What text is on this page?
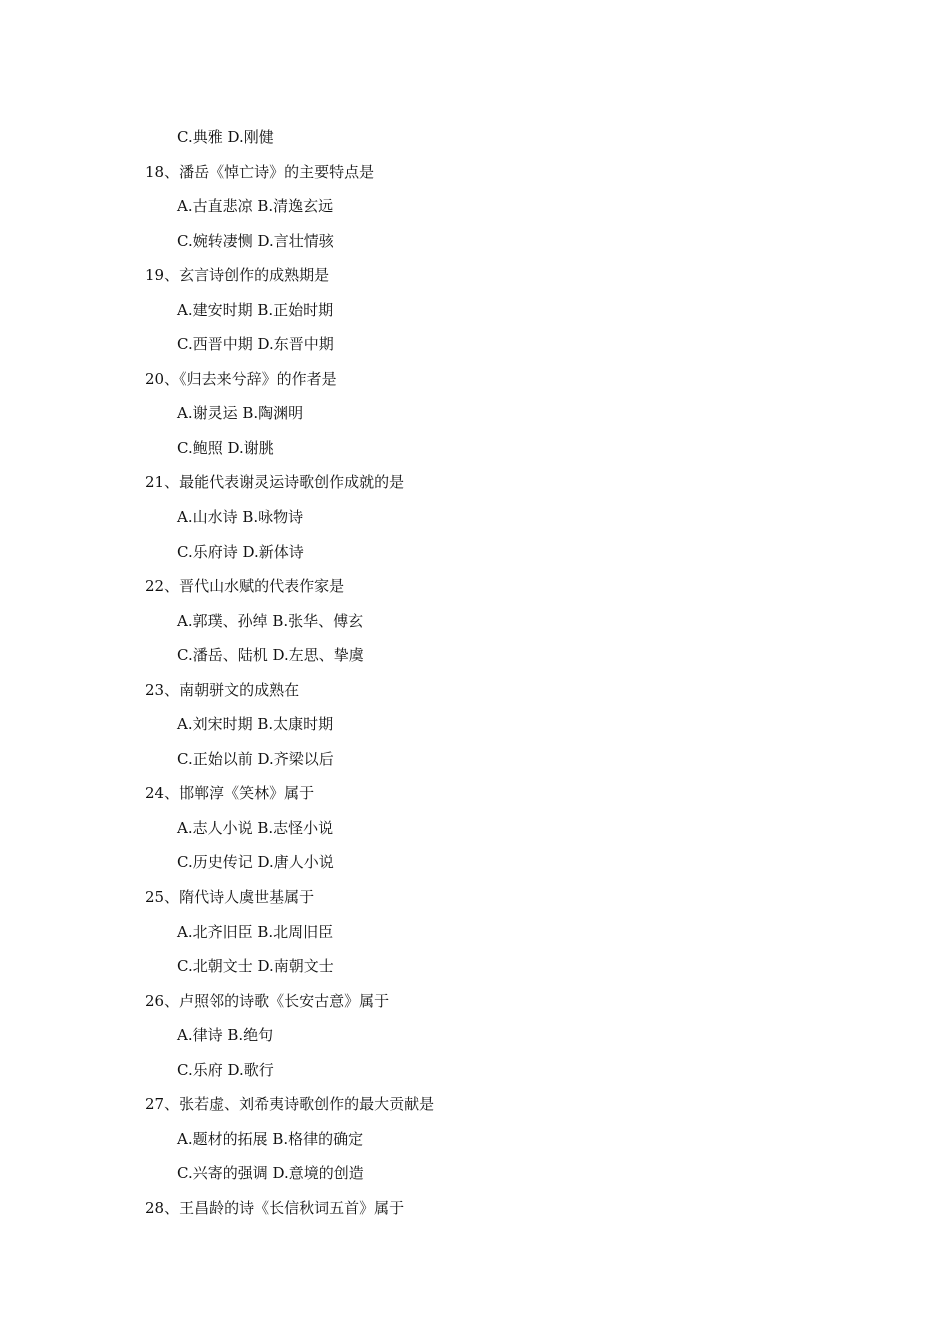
C.典雅 D.刚健
18、潘岳《悼亡诗》的主要特点是
A.古直悲凉 B.清逸玄远
C.婉转凄恻 D.言壮情骇
19、玄言诗创作的成熟期是
A.建安时期 B.正始时期
C.西晋中期 D.东晋中期
20、《归去来兮辞》的作者是
A.谢灵运 B.陶渊明
C.鲍照 D.谢朓
21、最能代表谢灵运诗歌创作成就的是
A.山水诗 B.咏物诗
C.乐府诗 D.新体诗
22、晋代山水赋的代表作家是
A.郭璞、孙绰 B.张华、傅玄
C.潘岳、陆机 D.左思、挚虞
23、南朝骈文的成熟在
A.刘宋时期 B.太康时期
C.正始以前 D.齐梁以后
24、邯郸淳《笑林》属于
A.志人小说 B.志怪小说
C.历史传记 D.唐人小说
25、隋代诗人虞世基属于
A.北齐旧臣 B.北周旧臣
C.北朝文士 D.南朝文士
26、卢照邻的诗歌《长安古意》属于
A.律诗 B.绝句
C.乐府 D.歌行
27、张若虚、刘希夷诗歌创作的最大贡献是
A.题材的拓展 B.格律的确定
C.兴寄的强调 D.意境的创造
28、王昌龄的诗《长信秋词五首》属于
